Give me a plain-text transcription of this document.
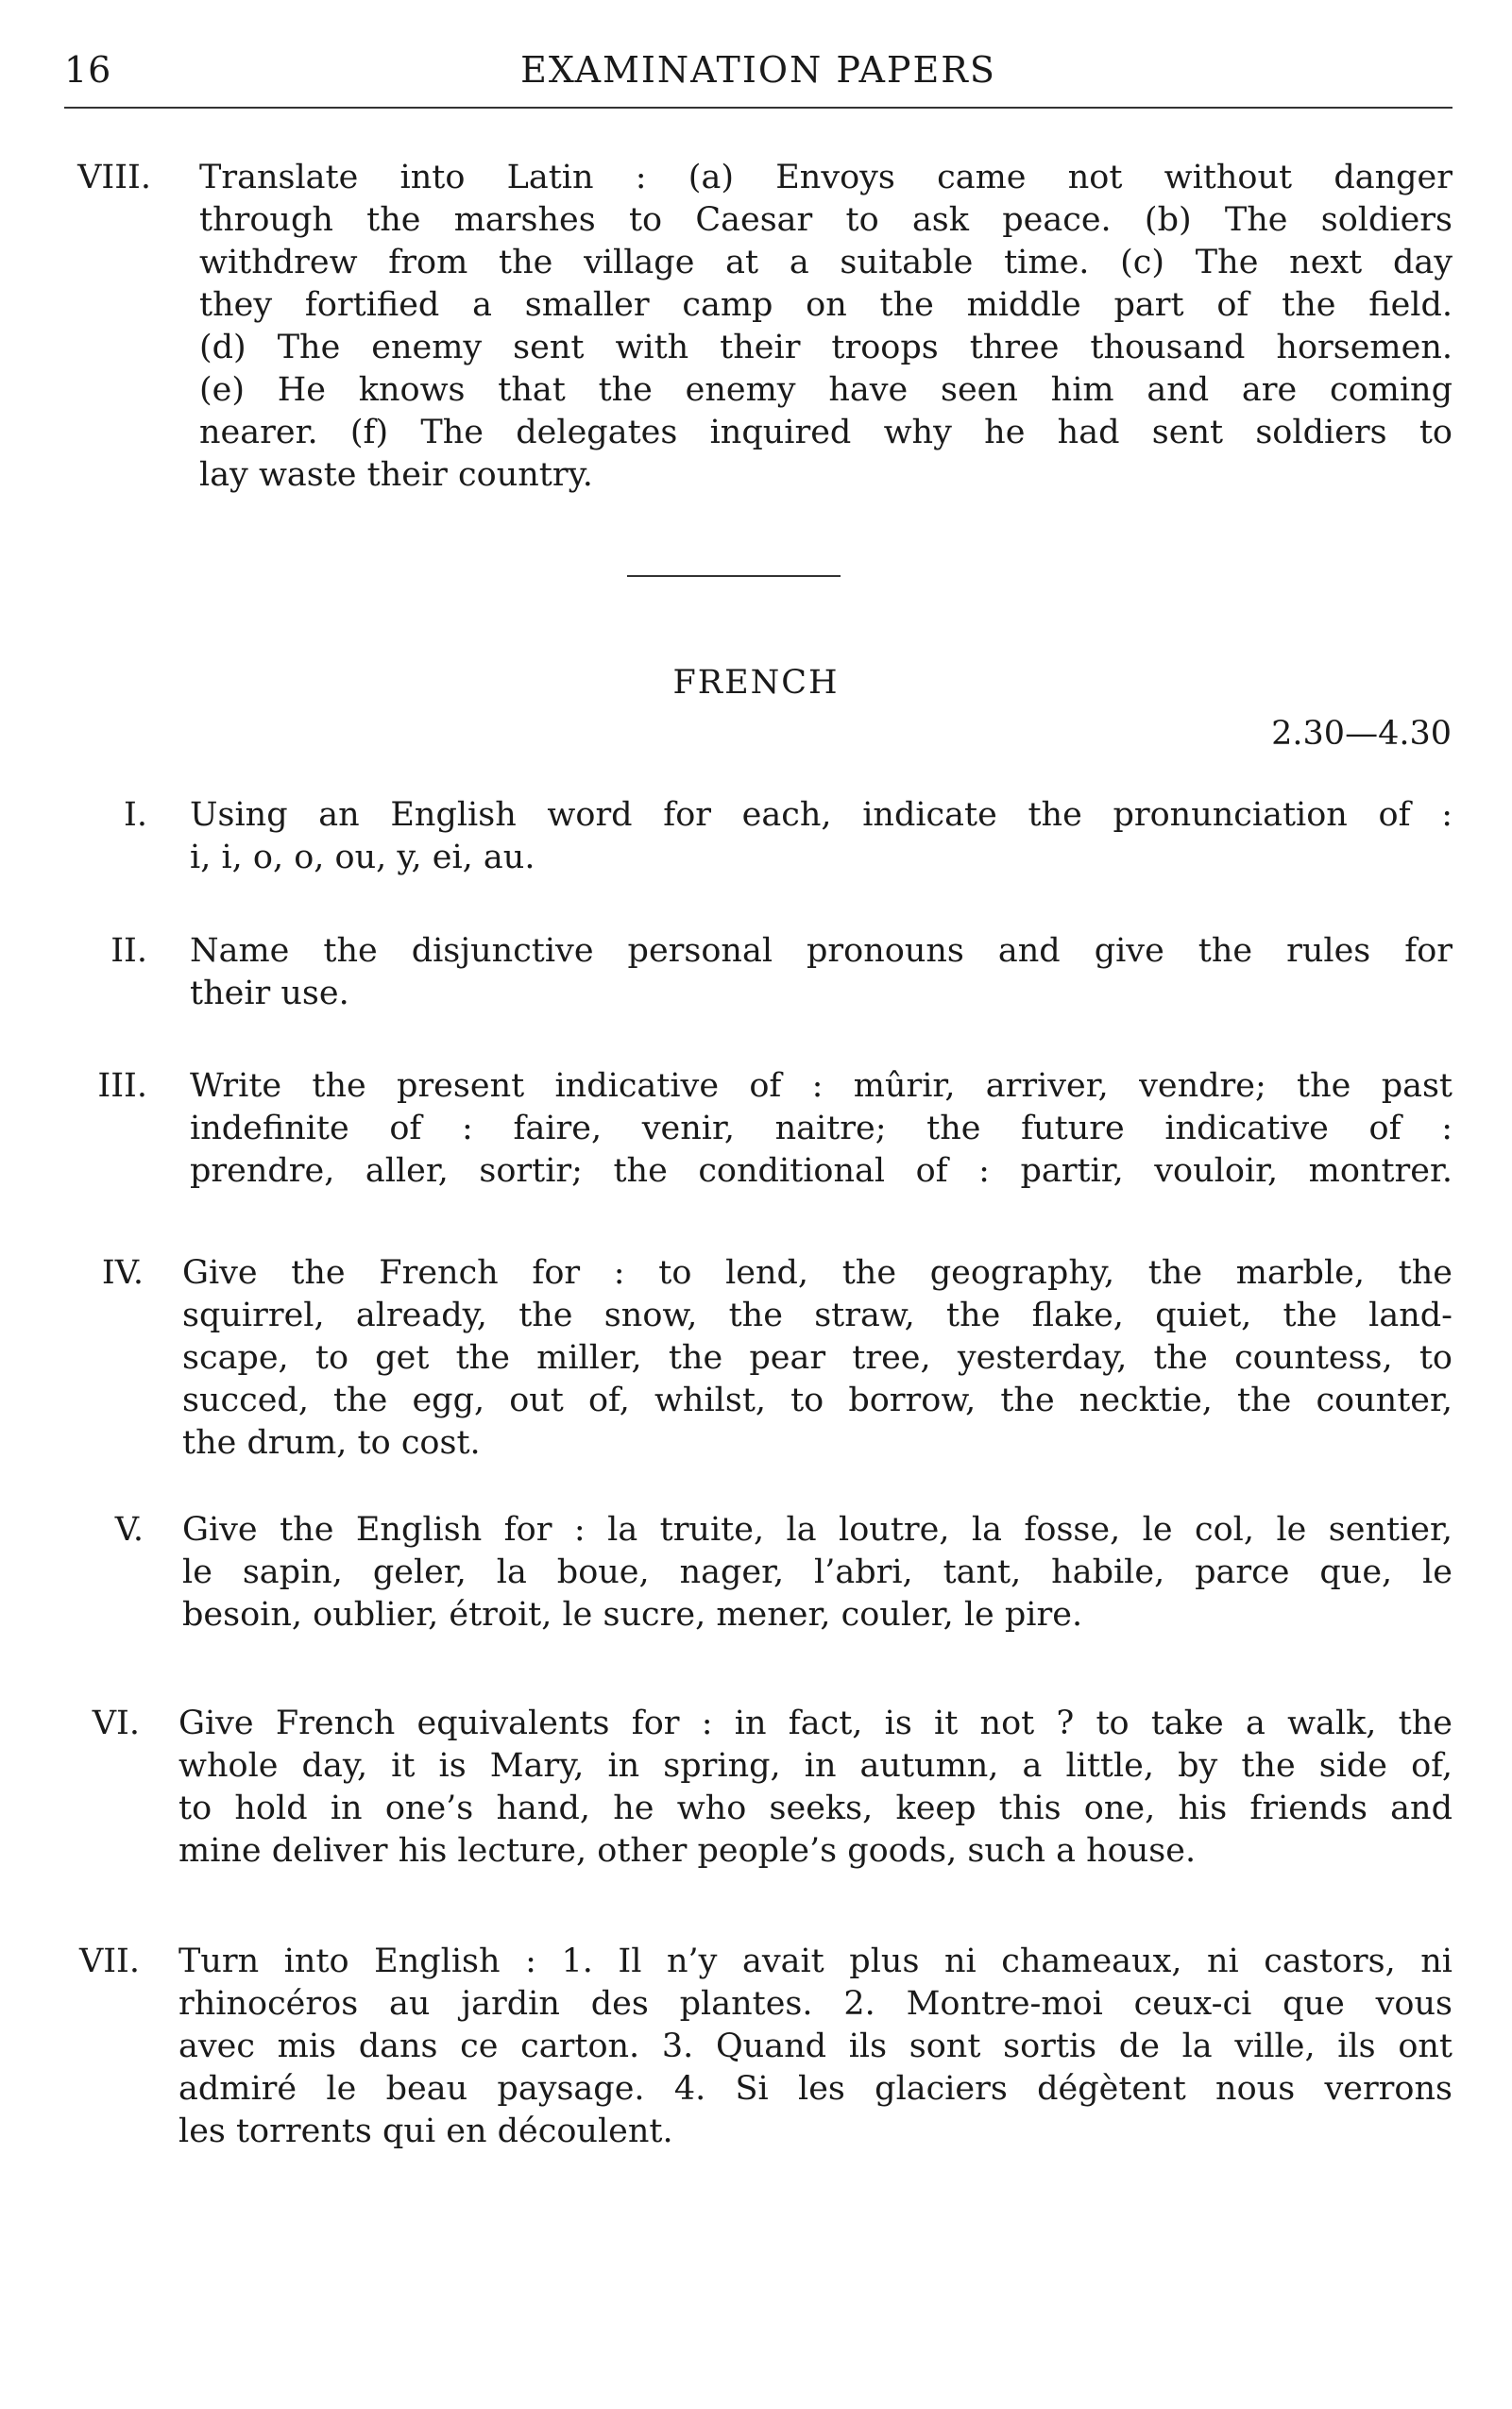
EXAMINATION PAPERS
16
VIII. Translate into Latin : (a) Envoys came not without danger

through the marshes to Caesar to ask peace. (b) The soldiers

withdrew from the village at a suitable time. (c) The next day

they fortified a smaller camp on the middle part of the field.

(d) The enemy sent with their troops three thousand horsemen.

(e) He knows that the enemy have seen him and are coming

nearer. (f) The delegates inquired why he had sent soldiers to

lay waste their country.

FRENCH
2.30—4.30
I. Using an English word for each, indicate the pronunciation of :

i, i, o, o, ou, y, ei, au.

II. Name the disjunctive personal pronouns and give the rules for

their use.

III. Write the present indicative of : mûrir, arriver, vendre; the past

indefinite of : faire, venir, naitre; the future indicative of :

prendre, aller, sortir; the conditional of : partir, vouloir, montrer.

IV. Give the French for : to lend, the geography, the marble, the

squirrel, already, the snow, the straw, the flake, quiet, the land-

scape, to get the miller, the pear tree, yesterday, the countess, to

succed, the egg, out of, whilst, to borrow, the necktie, the counter,

the drum, to cost.

V. Give the English for : la truite, la loutre, la fosse, le col, le sentier,

le sapin, geler, la boue, nager, l’abri, tant, habile, parce que, le

besoin, oublier, étroit, le sucre, mener, couler, le pire.

VI. Give French equivalents for : in fact, is it not ? to take a walk, the

whole day, it is Mary, in spring, in autumn, a little, by the side of,

to hold in one’s hand, he who seeks, keep this one, his friends and

mine deliver his lecture, other people’s goods, such a house.

VII. Turn into English : 1. Il n’y avait plus ni chameaux, ni castors, ni

rhinocéros au jardin des plantes. 2. Montre-moi ceux-ci que vous

avec mis dans ce carton. 3. Quand ils sont sortis de la ville, ils ont

admiré le beau paysage. 4. Si les glaciers dégètent nous verrons

les torrents qui en découlent.
